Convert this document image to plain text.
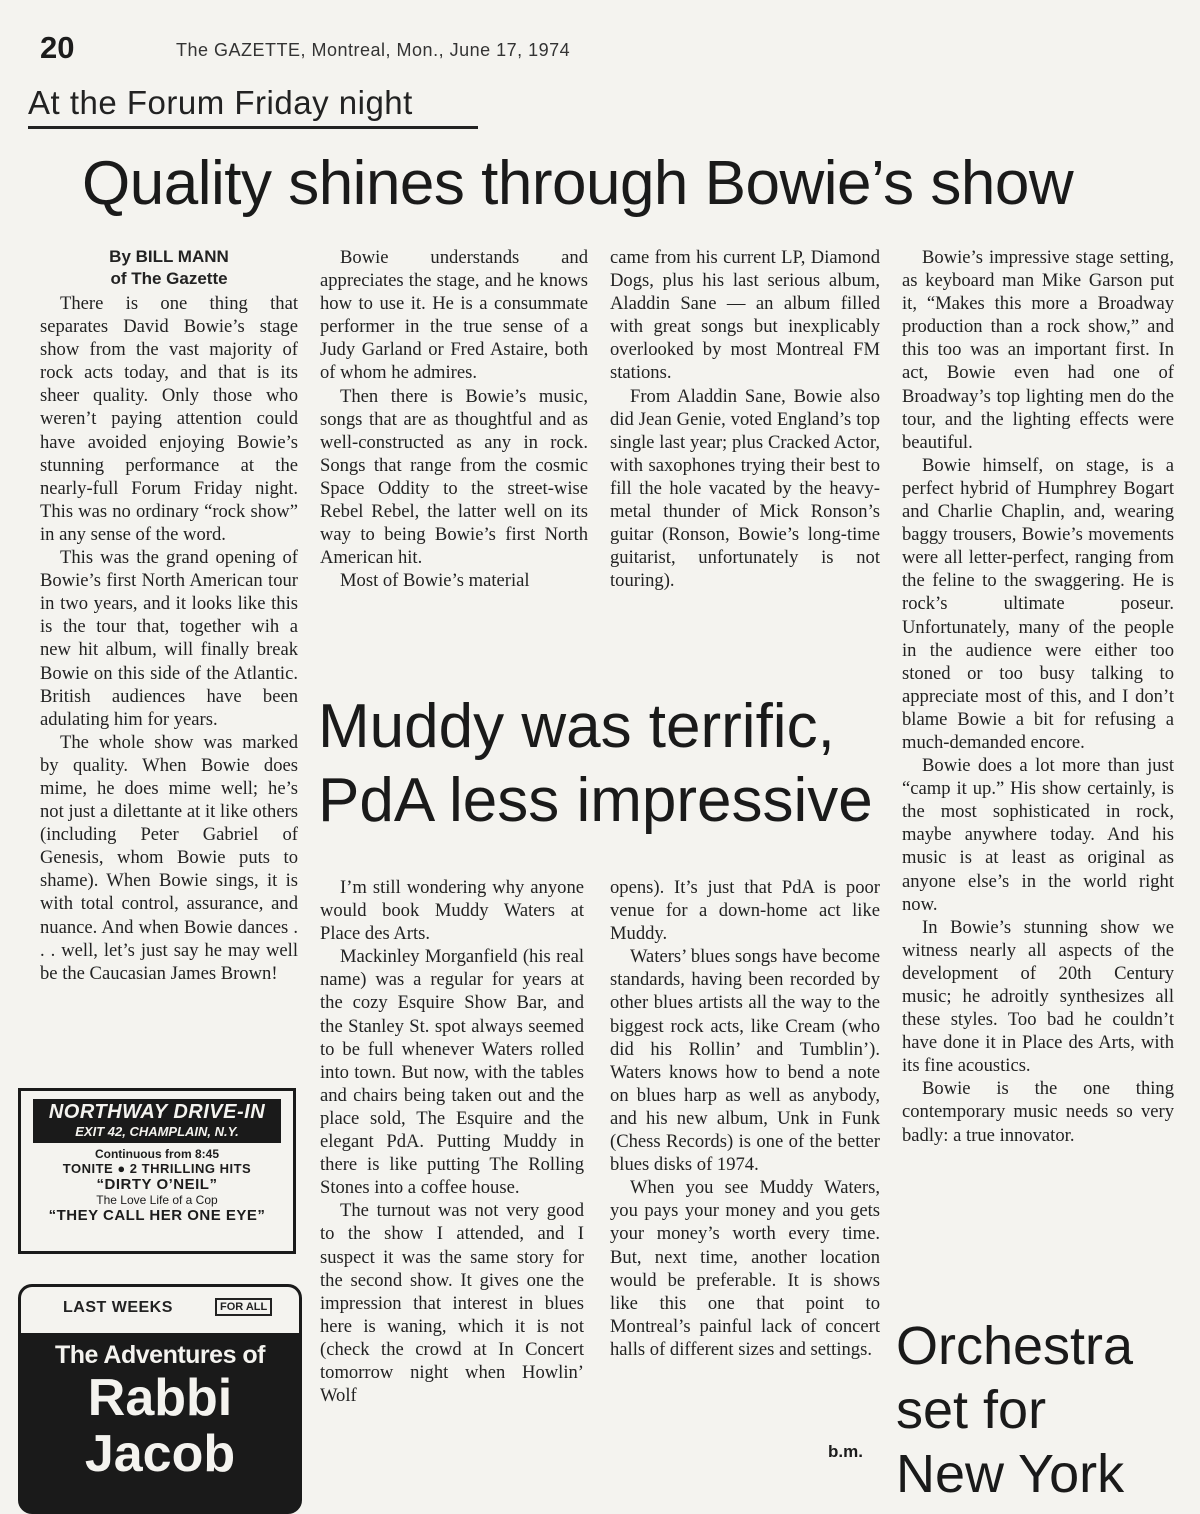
20	The GAZETTE, Montreal, Mon., June 17, 1974
At the Forum Friday night
Quality shines through Bowie’s show
By BILL MANN
of The Gazette

There is one thing that separates David Bowie’s stage show from the vast majority of rock acts today, and that is its sheer quality. Only those who weren’t paying attention could have avoided enjoying Bowie’s stunning performance at the nearly-full Forum Friday night. This was no ordinary “rock show” in any sense of the word.

This was the grand opening of Bowie’s first North American tour in two years, and it looks like this is the tour that, together wih a new hit album, will finally break Bowie on this side of the Atlantic. British audiences have been adulating him for years.

The whole show was marked by quality. When Bowie does mime, he does mime well; he’s not just a dilettante at it like others (including Peter Gabriel of Genesis, whom Bowie puts to shame). When Bowie sings, it is with total control, assurance, and nuance. And when Bowie dances . . . well, let’s just say he may well be the Caucasian James Brown!

Bowie understands and appreciates the stage, and he knows how to use it. He is a consummate performer in the true sense of a Judy Garland or Fred Astaire, both of whom he admires.

Then there is Bowie’s music, songs that are as thoughtful and as well-constructed as any in rock. Songs that range from the cosmic Space Oddity to the street-wise Rebel Rebel, the latter well on its way to being Bowie’s first North American hit.

Most of Bowie’s material

came from his current LP, Diamond Dogs, plus his last serious album, Aladdin Sane — an album filled with great songs but inexplicably overlooked by most Montreal FM stations.

From Aladdin Sane, Bowie also did Jean Genie, voted England’s top single last year; plus Cracked Actor, with saxophones trying their best to fill the hole vacated by the heavy-metal thunder of Mick Ronson’s guitar (Ronson, Bowie’s long-time guitarist, unfortunately is not touring).

Bowie’s impressive stage setting, as keyboard man Mike Garson put it, “Makes this more a Broadway production than a rock show,” and this too was an important first. In act, Bowie even had one of Broadway’s top lighting men do the tour, and the lighting effects were beautiful.

Bowie himself, on stage, is a perfect hybrid of Humphrey Bogart and Charlie Chaplin, and, wearing baggy trousers, Bowie’s movements were all letter-perfect, ranging from the feline to the swaggering. He is rock’s ultimate poseur. Unfortunately, many of the people in the audience were either too stoned or too busy talking to appreciate most of this, and I don’t blame Bowie a bit for refusing a much-demanded encore.

Bowie does a lot more than just “camp it up.” His show certainly, is the most sophisticated in rock, maybe anywhere today. And his music is at least as original as anyone else’s in the world right now.

In Bowie’s stunning show we witness nearly all aspects of the development of 20th Century music; he adroitly synthesizes all these styles. Too bad he couldn’t have done it in Place des Arts, with its fine acoustics.

Bowie is the one thing contemporary music needs so very badly: a true innovator.

Muddy was terrific,
PdA less impressive

I’m still wondering why anyone would book Muddy Waters at Place des Arts.

Mackinley Morganfield (his real name) was a regular for years at the cozy Esquire Show Bar, and the Stanley St. spot always seemed to be full whenever Waters rolled into town. But now, with the tables and chairs being taken out and the place sold, The Esquire and the elegant PdA. Putting Muddy in there is like putting The Rolling Stones into a coffee house.

The turnout was not very good to the show I attended, and I suspect it was the same story for the second show. It gives one the impression that interest in blues here is waning, which it is not (check the crowd at In Concert tomorrow night when Howlin’ Wolf

opens). It’s just that PdA is poor venue for a down-home act like Muddy.

Waters’ blues songs have become standards, having been recorded by other blues artists all the way to the biggest rock acts, like Cream (who did his Rollin’ and Tumblin’). Waters knows how to bend a note on blues harp as well as anybody, and his new album, Unk in Funk (Chess Records) is one of the better blues disks of 1974.

When you see Muddy Waters, you pays your money and you gets your money’s worth every time. But, next time, another location would be preferable. It is shows like this one that point to Montreal’s painful lack of concert halls of different sizes and settings.

b.m.
NORTHWAY DRIVE-IN
EXIT 42, CHAMPLAIN, N.Y.
Continuous from 8:45
TONITE ● 2 THRILLING HITS
“DIRTY O’NEIL”
The Love Life of a Cop
“THEY CALL HER ONE EYE”
LAST WEEKS	FOR ALL
The Adventures of
Rabbi
Jacob
Orchestra
set for
New York
